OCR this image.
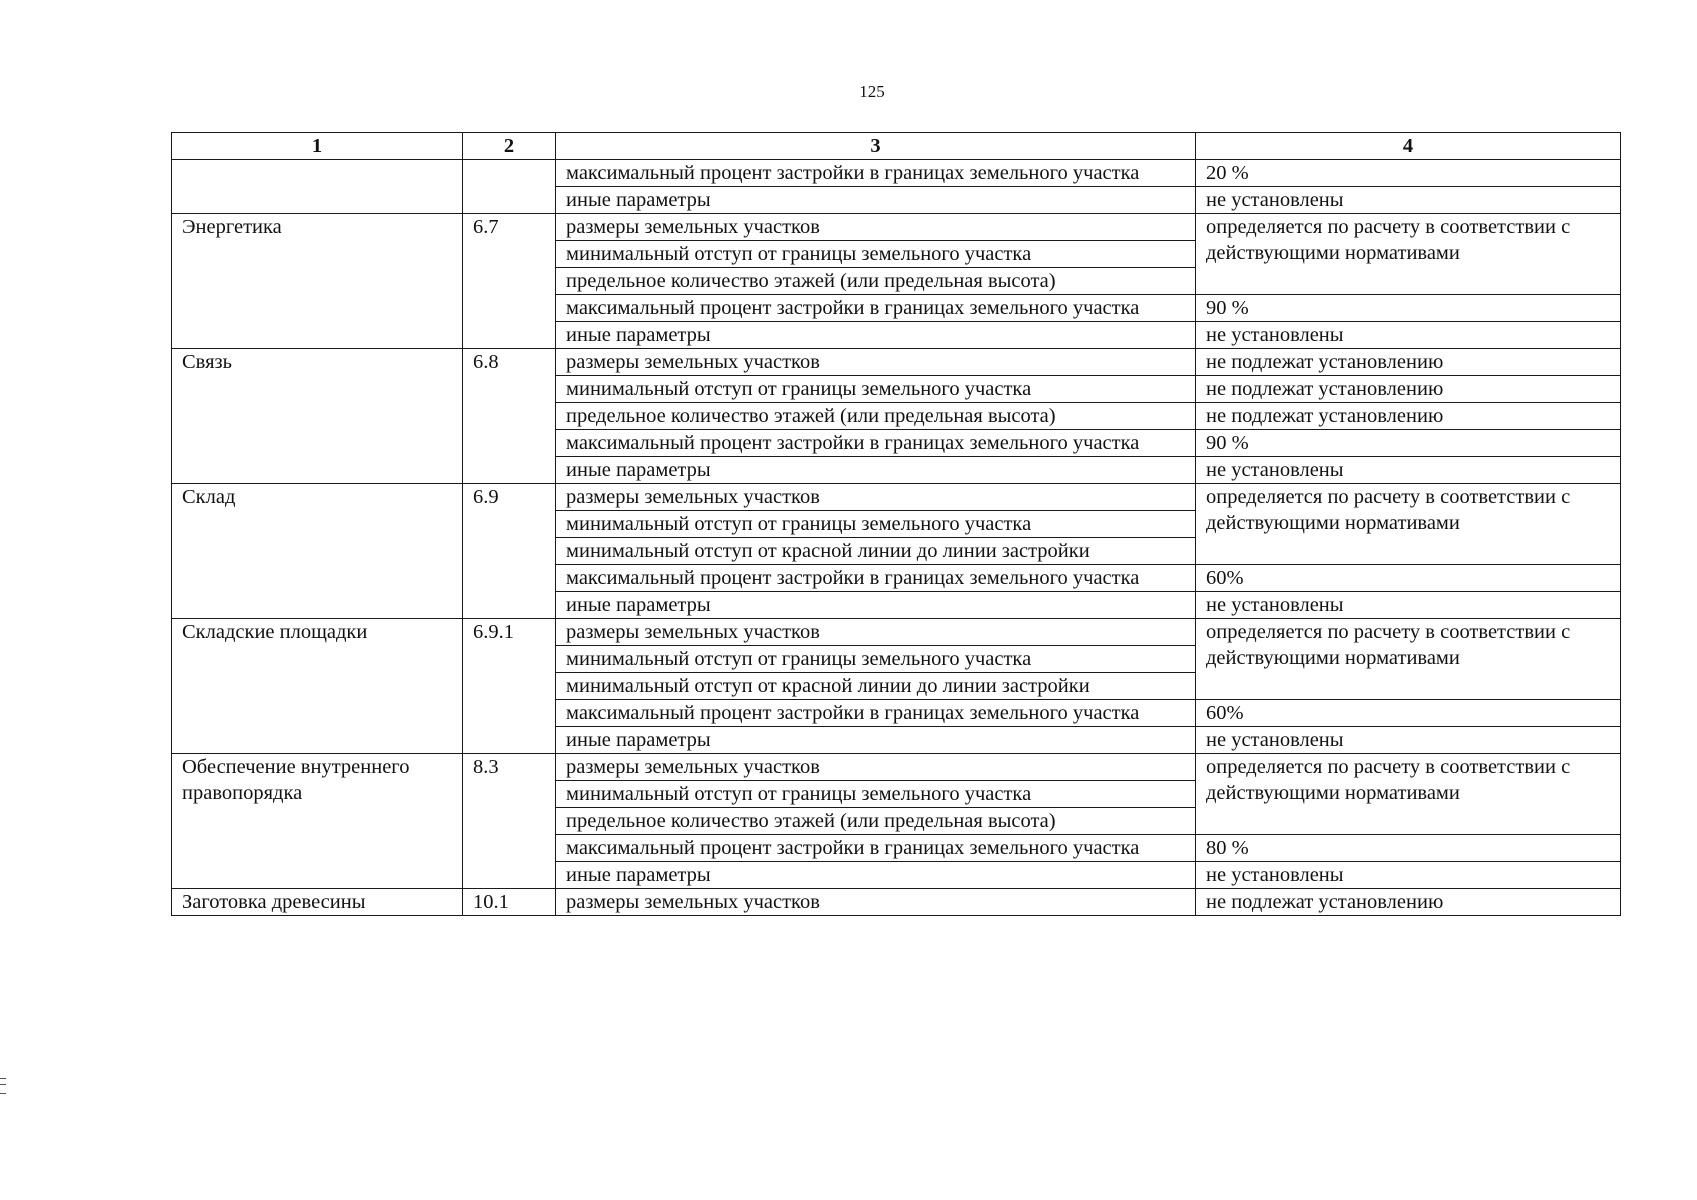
125
1	2	3	4
		максимальный процент застройки в границах земельного участка	20 %
		иные параметры	не установлены
Энергетика	6.7	размеры земельных участков	определяется по расчету в соответствии с действующими нормативами
		минимальный отступ от границы земельного участка	
		предельное количество этажей (или предельная высота)	
		максимальный процент застройки в границах земельного участка	90 %
		иные параметры	не установлены
Связь	6.8	размеры земельных участков	не подлежат установлению
		минимальный отступ от границы земельного участка	не подлежат установлению
		предельное количество этажей (или предельная высота)	не подлежат установлению
		максимальный процент застройки в границах земельного участка	90 %
		иные параметры	не установлены
Склад	6.9	размеры земельных участков	определяется по расчету в соответствии с действующими нормативами
		минимальный отступ от границы земельного участка	
		минимальный отступ от красной линии до линии застройки	
		максимальный процент застройки в границах земельного участка	60%
		иные параметры	не установлены
Складские площадки	6.9.1	размеры земельных участков	определяется по расчету в соответствии с действующими нормативами
		минимальный отступ от границы земельного участка	
		минимальный отступ от красной линии до линии застройки	
		максимальный процент застройки в границах земельного участка	60%
		иные параметры	не установлены
Обеспечение внутреннего правопорядка	8.3	размеры земельных участков	определяется по расчету в соответствии с действующими нормативами
		минимальный отступ от границы земельного участка	
		предельное количество этажей (или предельная высота)	
		максимальный процент застройки в границах земельного участка	80 %
		иные параметры	не установлены
Заготовка древесины	10.1	размеры земельных участков	не подлежат установлению
